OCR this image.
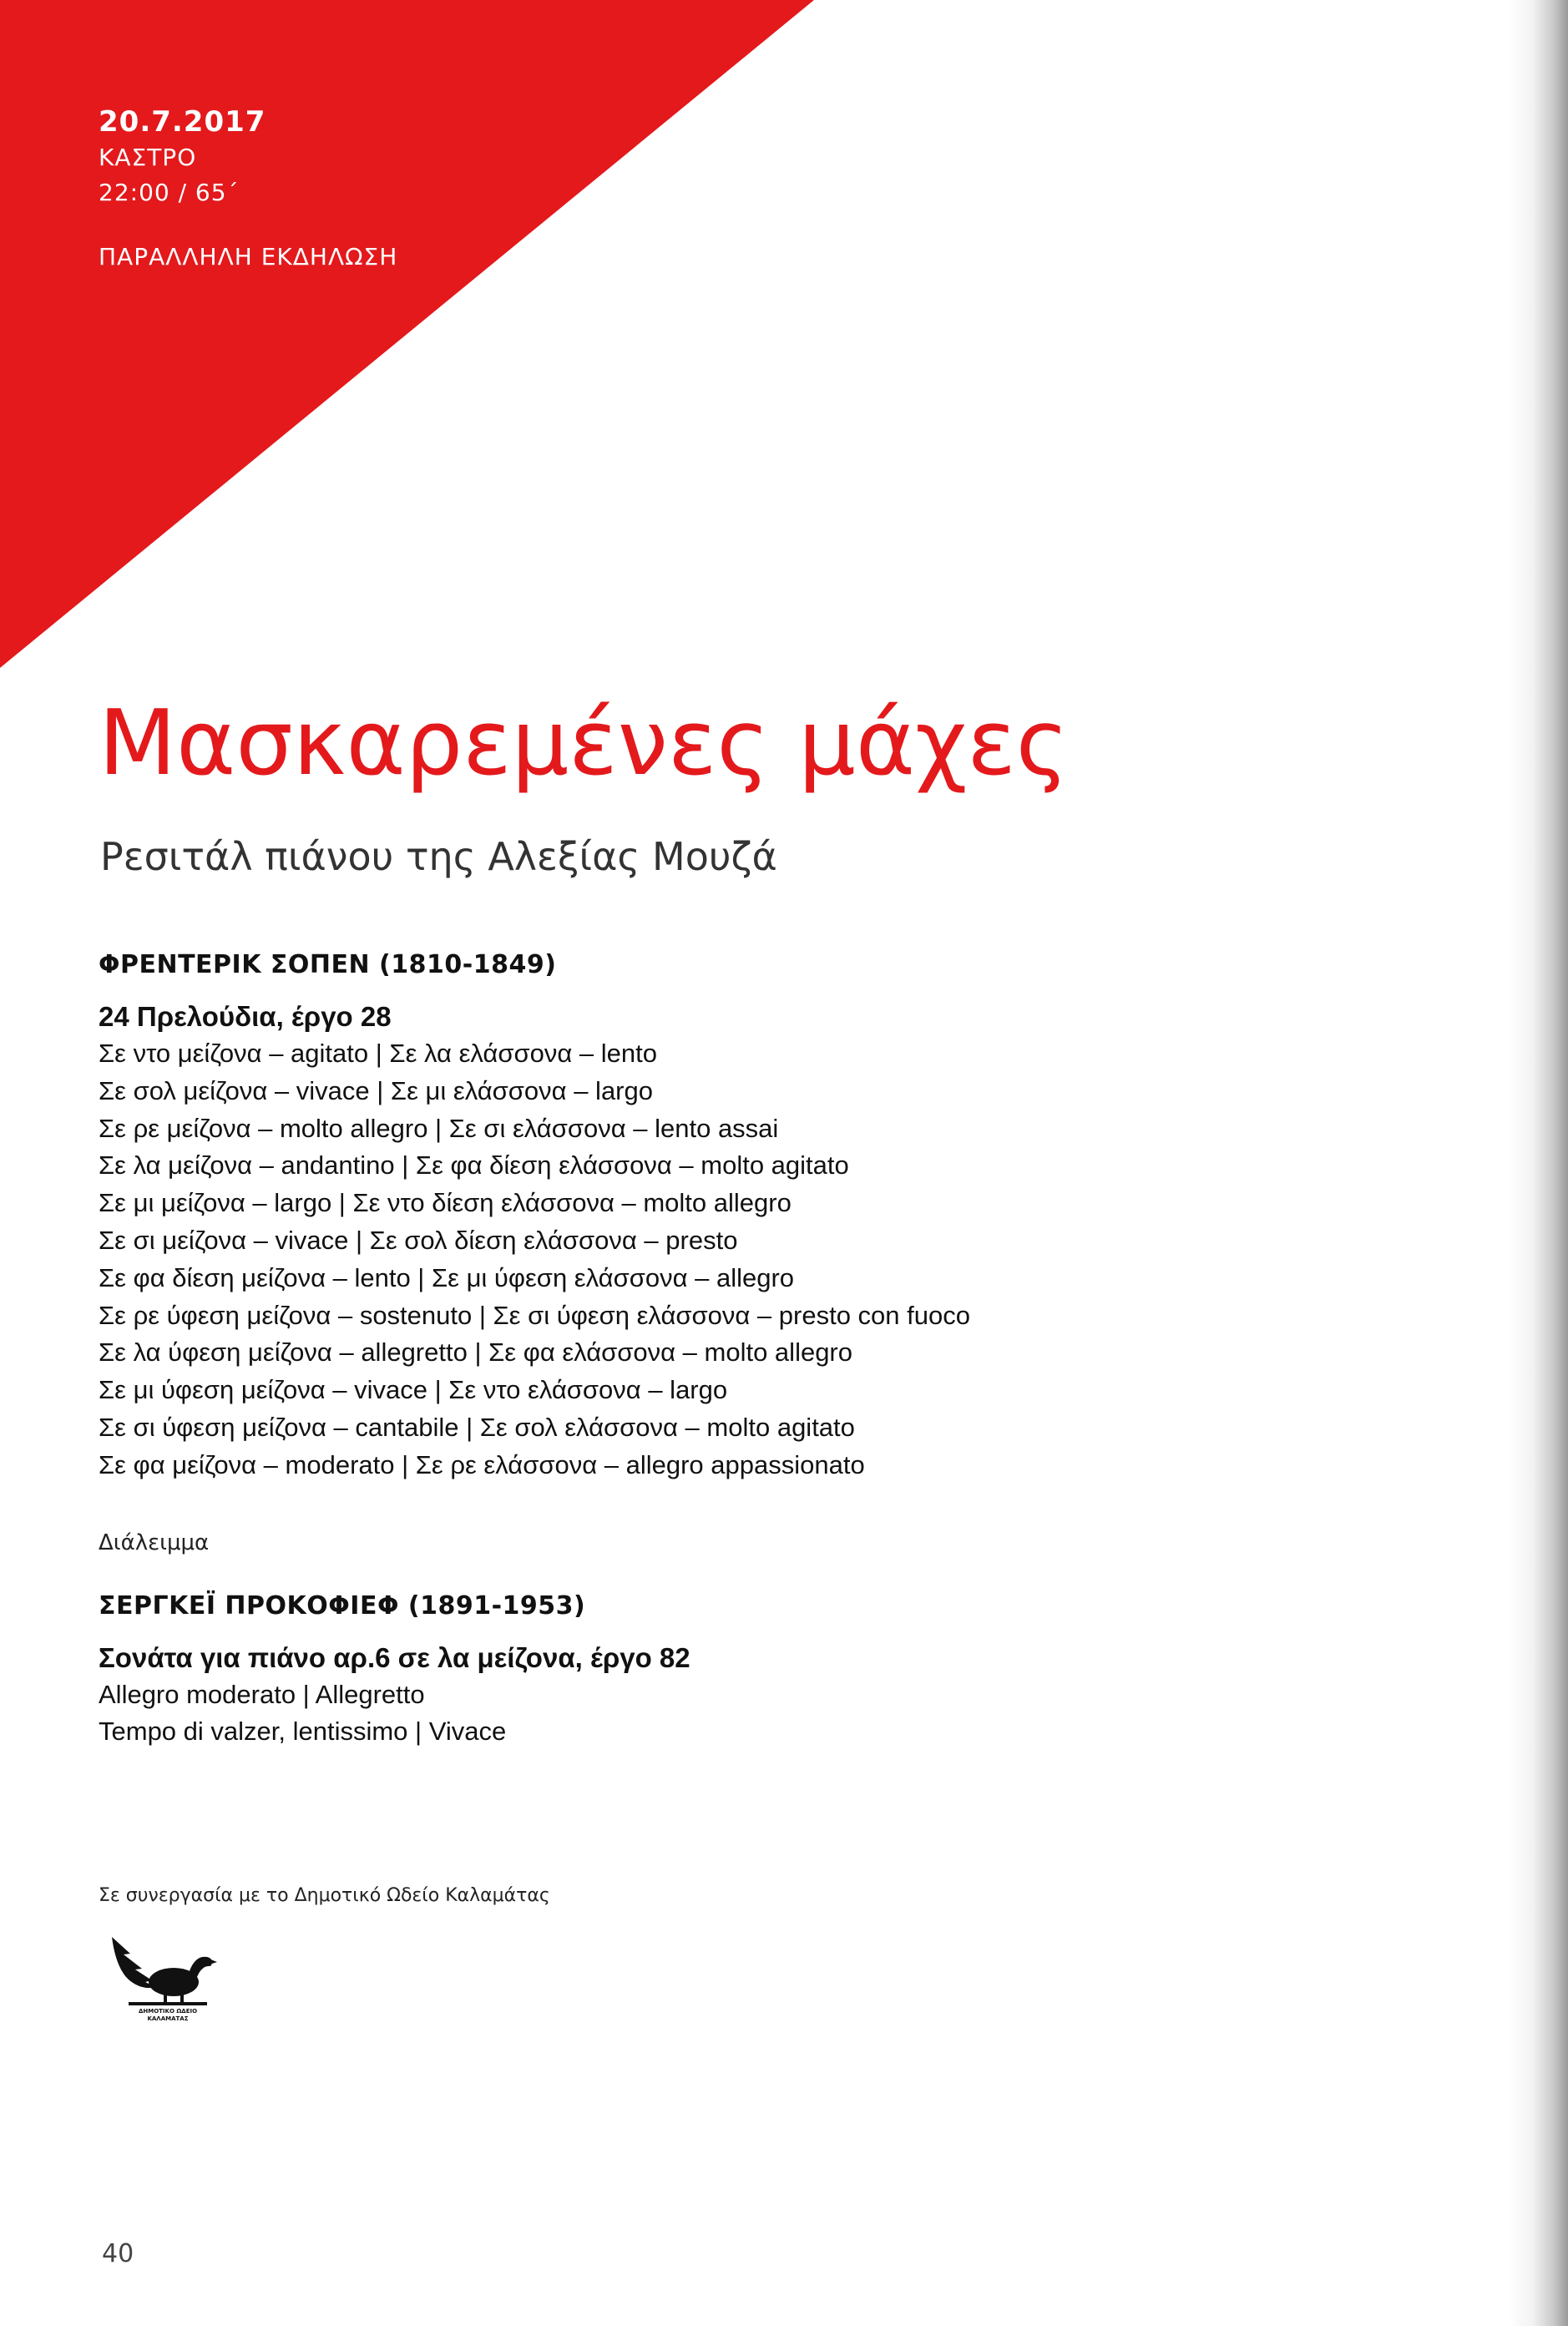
20.7.2017
ΚΑΣΤΡΟ
22:00 / 65΄
ΠΑΡΑΛΛΗΛΗ ΕΚΔΗΛΩΣΗ
Μασκαρεμένες μάχες
Ρεσιτάλ πιάνου της Αλεξίας Μουζά
ΦΡΕΝΤΕΡΙΚ ΣΟΠΕΝ (1810-1849)
24 Πρελούδια, έργο 28
Σε ντο μείζονα – agitato | Σε λα ελάσσονα – lento
Σε σολ μείζονα – vivace | Σε μι ελάσσονα – largo
Σε ρε μείζονα – molto allegro | Σε σι ελάσσονα – lento assai
Σε λα μείζονα – andantino | Σε φα δίεση ελάσσονα – molto agitato
Σε μι μείζονα – largo | Σε ντο δίεση ελάσσονα – molto allegro
Σε σι μείζονα – vivace | Σε σολ δίεση ελάσσονα – presto
Σε φα δίεση μείζονα – lento | Σε μι ύφεση ελάσσονα – allegro
Σε ρε ύφεση μείζονα – sostenuto | Σε σι ύφεση ελάσσονα – presto con fuoco
Σε λα ύφεση μείζονα – allegretto | Σε φα ελάσσονα – molto allegro
Σε μι ύφεση μείζονα – vivace | Σε ντο ελάσσονα – largo
Σε σι ύφεση μείζονα – cantabile | Σε σολ ελάσσονα – molto agitato
Σε φα μείζονα – moderato | Σε ρε ελάσσονα – allegro appassionato
Διάλειμμα
ΣΕΡΓΚΕΪ ΠΡΟΚΟΦΙΕΦ (1891-1953)
Σονάτα για πιάνο αρ.6 σε λα μείζονα, έργο 82
Allegro moderato | Allegretto
Tempo di valzer, lentissimo | Vivace
Σε συνεργασία με το Δημοτικό Ωδείο Καλαμάτας
ΔΗΜΟΤΙΚΟ ΩΔΕΙΟ
ΚΑΛΑΜΑΤΑΣ
40
